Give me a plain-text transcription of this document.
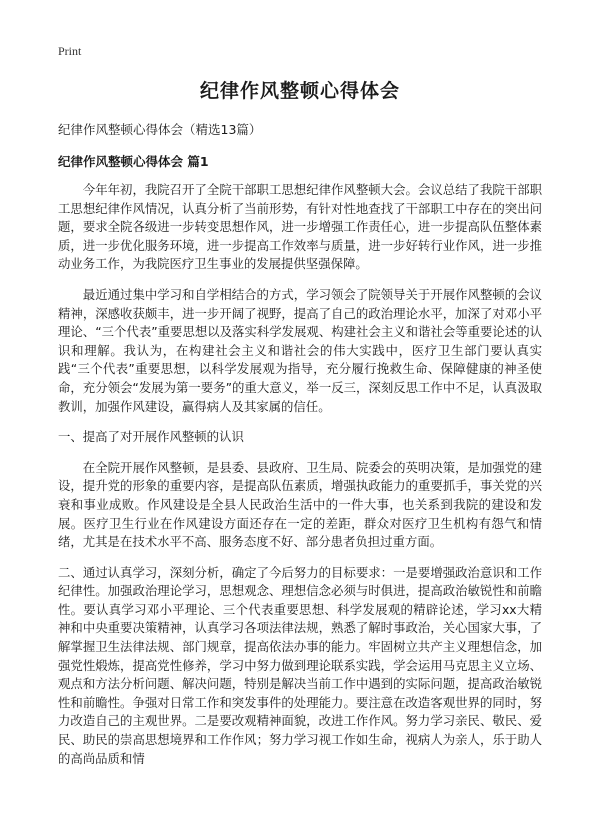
Print
纪律作风整顿心得体会

纪律作风整顿心得体会（精选13篇）

纪律作风整顿心得体会 篇1

今年年初，我院召开了全院干部职工思想纪律作风整顿大会。会议总结了我院干部职工思想纪律作风情况，认真分析了当前形势，有针对性地查找了干部职工中存在的突出问题，要求全院各级进一步转变思想作风，进一步增强工作责任心，进一步提高队伍整体素质，进一步优化服务环境，进一步提高工作效率与质量，进一步好转行业作风，进一步推动业务工作，为我院医疗卫生事业的发展提供坚强保障。

最近通过集中学习和自学相结合的方式，学习领会了院领导关于开展作风整顿的会议精神，深感收获颇丰，进一步开阔了视野，提高了自己的政治理论水平，加深了对邓小平理论、“三个代表”重要思想以及落实科学发展观、构建社会主义和谐社会等重要论述的认识和理解。我认为，在构建社会主义和谐社会的伟大实践中，医疗卫生部门要认真实践“三个代表”重要思想，以科学发展观为指导，充分履行挽救生命、保障健康的神圣使命，充分领会“发展为第一要务”的重大意义，举一反三，深刻反思工作中不足，认真汲取教训，加强作风建设，赢得病人及其家属的信任。

一、提高了对开展作风整顿的认识

在全院开展作风整顿，是县委、县政府、卫生局、院委会的英明决策，是加强党的建设，提升党的形象的重要内容，是提高队伍素质，增强执政能力的重要抓手，事关党的兴衰和事业成败。作风建设是全县人民政治生活中的一件大事，也关系到我院的建设和发展。医疗卫生行业在作风建设方面还存在一定的差距，群众对医疗卫生机构有怨气和情绪，尤其是在技术水平不高、服务态度不好、部分患者负担过重方面。

二、通过认真学习，深刻分析，确定了今后努力的目标要求：一是要增强政治意识和工作纪律性。加强政治理论学习，思想观念、理想信念必须与时俱进，提高政治敏锐性和前瞻性。要认真学习邓小平理论、三个代表重要思想、科学发展观的精辟论述，学习xx大精神和中央重要决策精神，认真学习各项法律法规，熟悉了解时事政治，关心国家大事，了解掌握卫生法律法规、部门规章，提高依法办事的能力。牢固树立共产主义理想信念，加强党性煅炼，提高党性修养，学习中努力做到理论联系实践，学会运用马克思主义立场、观点和方法分析问题、解决问题，特别是解决当前工作中遇到的实际问题，提高政治敏锐性和前瞻性。争强对日常工作和突发事件的处理能力。要注意在改造客观世界的同时，努力改造自己的主观世界。二是要改观精神面貌，改进工作作风。努力学习亲民、敬民、爱民、助民的崇高思想境界和工作作风；努力学习视工作如生命，视病人为亲人，乐于助人的高尚品质和情
